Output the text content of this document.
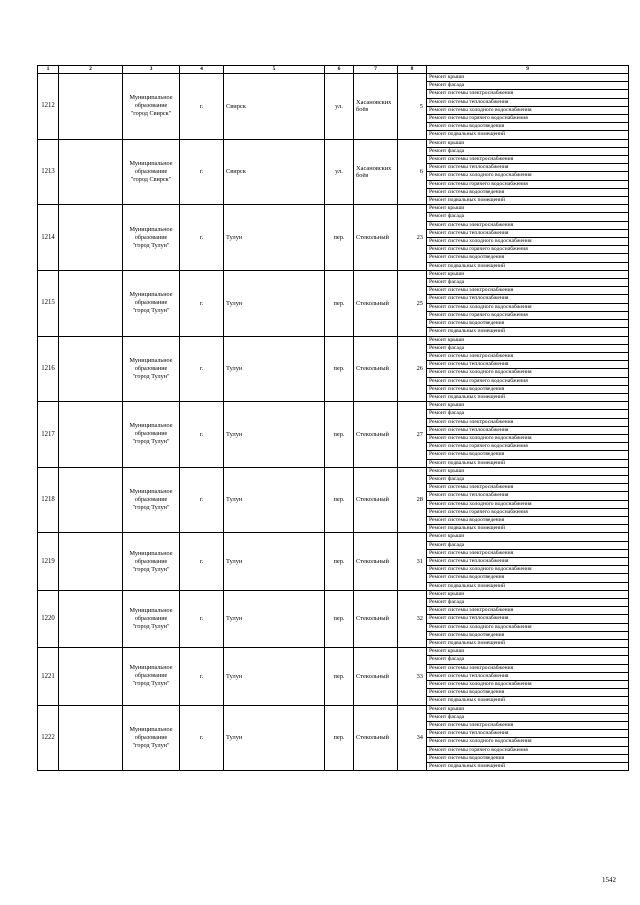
1	2	3	4	5	6	7	8	9
1212		Муниципальное
образование
"город Свирск"	г.	Свирск	ул.	Хасановских боёв	5	Ремонт крыши
								Ремонт фасада
								Ремонт системы электроснабжения
								Ремонт системы теплоснабжения
								Ремонт системы холодного водоснабжения
								Ремонт системы горячего водоснабжения
								Ремонт системы водоотведения
								Ремонт подвальных помещений
1213		Муниципальное
образование
"город Свирск"	г.	Свирск	ул.	Хасановских боёв	6	Ремонт крыши
								Ремонт фасада
								Ремонт системы электроснабжения
								Ремонт системы теплоснабжения
								Ремонт системы холодного водоснабжения
								Ремонт системы горячего водоснабжения
								Ремонт системы водоотведения
								Ремонт подвальных помещений
1214		Муниципальное
образование
"город Тулун"	г.	Тулун	пер.	Стекольный	23	Ремонт крыши
								Ремонт фасада
								Ремонт системы электроснабжения
								Ремонт системы теплоснабжения
								Ремонт системы холодного водоснабжения
								Ремонт системы горячего водоснабжения
								Ремонт системы водоотведения
								Ремонт подвальных помещений
1215		Муниципальное
образование
"город Тулун"	г.	Тулун	пер.	Стекольный	25	Ремонт крыши
								Ремонт фасада
								Ремонт системы электроснабжения
								Ремонт системы теплоснабжения
								Ремонт системы холодного водоснабжения
								Ремонт системы горячего водоснабжения
								Ремонт системы водоотведения
								Ремонт подвальных помещений
1216		Муниципальное
образование
"город Тулун"	г.	Тулун	пер.	Стекольный	26	Ремонт крыши
								Ремонт фасада
								Ремонт системы электроснабжения
								Ремонт системы теплоснабжения
								Ремонт системы холодного водоснабжения
								Ремонт системы горячего водоснабжения
								Ремонт системы водоотведения
								Ремонт подвальных помещений
1217		Муниципальное
образование
"город Тулун"	г.	Тулун	пер.	Стекольный	27	Ремонт крыши
								Ремонт фасада
								Ремонт системы электроснабжения
								Ремонт системы теплоснабжения
								Ремонт системы холодного водоснабжения
								Ремонт системы горячего водоснабжения
								Ремонт системы водоотведения
								Ремонт подвальных помещений
1218		Муниципальное
образование
"город Тулун"	г.	Тулун	пер.	Стекольный	28	Ремонт крыши
								Ремонт фасада
								Ремонт системы электроснабжения
								Ремонт системы теплоснабжения
								Ремонт системы холодного водоснабжения
								Ремонт системы горячего водоснабжения
								Ремонт системы водоотведения
								Ремонт подвальных помещений
1219		Муниципальное
образование
"город Тулун"	г.	Тулун	пер.	Стекольный	31	Ремонт крыши
								Ремонт фасада
								Ремонт системы электроснабжения
								Ремонт системы теплоснабжения
								Ремонт системы холодного водоснабжения
								Ремонт системы водоотведения
								Ремонт подвальных помещений
1220		Муниципальное
образование
"город Тулун"	г.	Тулун	пер.	Стекольный	32	Ремонт крыши
								Ремонт фасада
								Ремонт системы электроснабжения
								Ремонт системы теплоснабжения
								Ремонт системы холодного водоснабжения
								Ремонт системы водоотведения
								Ремонт подвальных помещений
1221		Муниципальное
образование
"город Тулун"	г.	Тулун	пер.	Стекольный	33	Ремонт крыши
								Ремонт фасада
								Ремонт системы электроснабжения
								Ремонт системы теплоснабжения
								Ремонт системы холодного водоснабжения
								Ремонт системы водоотведения
								Ремонт подвальных помещений
1222		Муниципальное
образование
"город Тулун"	г.	Тулун	пер.	Стекольный	34	Ремонт крыши
								Ремонт фасада
								Ремонт системы электроснабжения
								Ремонт системы теплоснабжения
								Ремонт системы холодного водоснабжения
								Ремонт системы горячего водоснабжения
								Ремонт системы водоотведения
								Ремонт подвальных помещений
1542
